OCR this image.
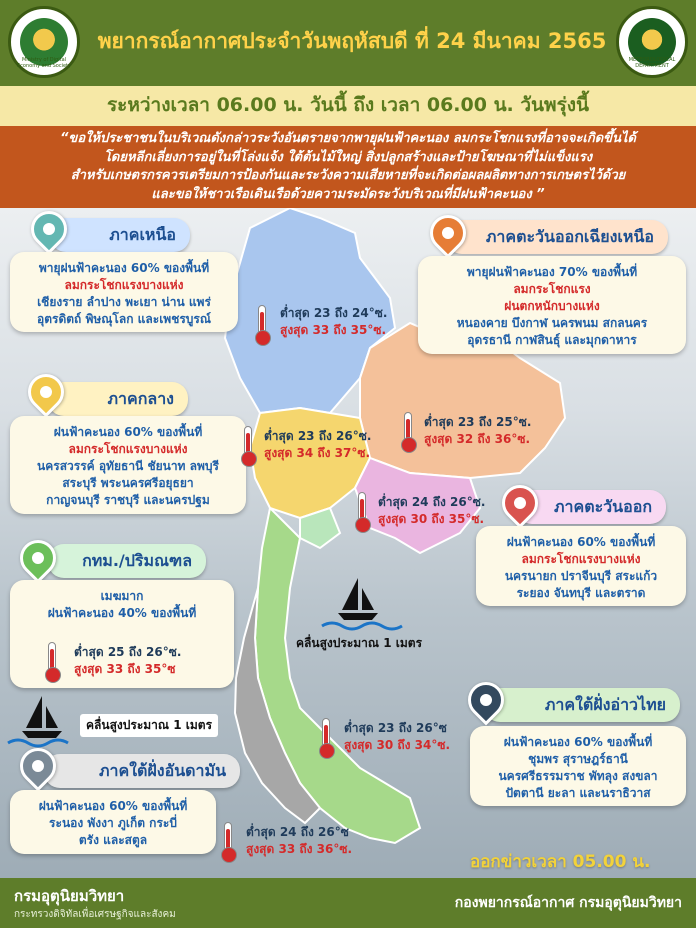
Ministry of Digital Economy and Society
พยากรณ์อากาศประจำวันพฤหัสบดี ที่ 24 มีนาคม 2565
METEOROLOGICAL DEPARTMENT
ระหว่างเวลา 06.00 น. วันนี้ ถึง เวลา 06.00 น. วันพรุ่งนี้
“ขอให้ประชาชนในบริเวณดังกล่าวระวังอันตรายจากพายุฝนฟ้าคะนอง ลมกระโชกแรงที่อาจจะเกิดขึ้นได้
โดยหลีกเลี่ยงการอยู่ในที่โล่งแจ้ง ใต้ต้นไม้ใหญ่ สิ่งปลูกสร้างและป้ายโฆษณาที่ไม่แข็งแรง
สำหรับเกษตรกรควรเตรียมการป้องกันและระวังความเสียหายที่จะเกิดต่อผลผลิตทางการเกษตรไว้ด้วย
และขอให้ชาวเรือเดินเรือด้วยความระมัดระวังบริเวณที่มีฝนฟ้าคะนอง ”
ภาคเหนือ
พายุฝนฟ้าคะนอง 60% ของพื้นที่
ลมกระโชกแรงบางแห่ง
เชียงราย ลำปาง พะเยา น่าน แพร่
อุตรดิตถ์ พิษณุโลก และเพชรบูรณ์	ต่ำสุด 23 ถึง 24°ซ.
สูงสุด 33 ถึง 35°ซ.
ภาคตะวันออกเฉียงเหนือ
พายุฝนฟ้าคะนอง 70% ของพื้นที่
ลมกระโชกแรง
ฝนตกหนักบางแห่ง
หนองคาย บึงกาฬ นครพนม สกลนคร
อุดรธานี กาฬสินธุ์ และมุกดาหาร
ต่ำสุด 23 ถึง 25°ซ.
สูงสุด 32 ถึง 36°ซ.
ภาคกลาง
ฝนฟ้าคะนอง 60% ของพื้นที่
ลมกระโชกแรงบางแห่ง
นครสวรรค์ อุทัยธานี ชัยนาท ลพบุรี
สระบุรี พระนครศรีอยุธยา
กาญจนบุรี ราชบุรี และนครปฐม
ต่ำสุด 23 ถึง 26°ซ.
สูงสุด 34 ถึง 37°ซ.
ต่ำสุด 24 ถึง 26°ซ.
สูงสุด 30 ถึง 35°ซ.
ภาคตะวันออก
ฝนฟ้าคะนอง 60% ของพื้นที่
ลมกระโชกแรงบางแห่ง
นครนายก ปราจีนบุรี สระแก้ว
ระยอง จันทบุรี และตราด
กทม./ปริมณฑล
เมฆมาก
ฝนฟ้าคะนอง 40% ของพื้นที่
ต่ำสุด 25 ถึง 26°ซ.
สูงสุด 33 ถึง 35°ซ
คลื่นสูงประมาณ 1 เมตร
คลื่นสูงประมาณ 1 เมตร	ต่ำสุด 23 ถึง 26°ซ
สูงสุด 30 ถึง 34°ซ.
ภาคใต้ฝั่งอ่าวไทย
ฝนฟ้าคะนอง 60% ของพื้นที่
ชุมพร สุราษฎร์ธานี
นครศรีธรรมราช พัทลุง สงขลา
ปัตตานี ยะลา และนราธิวาส
ภาคใต้ฝั่งอันดามัน
ฝนฟ้าคะนอง 60% ของพื้นที่
ระนอง พังงา ภูเก็ต กระบี่
ตรัง และสตูล
ต่ำสุด 24 ถึง 26°ซ
สูงสุด 33 ถึง 36°ซ.
ออกข่าวเวลา 05.00 น.
กรมอุตุนิยมวิทยา
กระทรวงดิจิทัลเพื่อเศรษฐกิจและสังคม
กองพยากรณ์อากาศ กรมอุตุนิยมวิทยา
